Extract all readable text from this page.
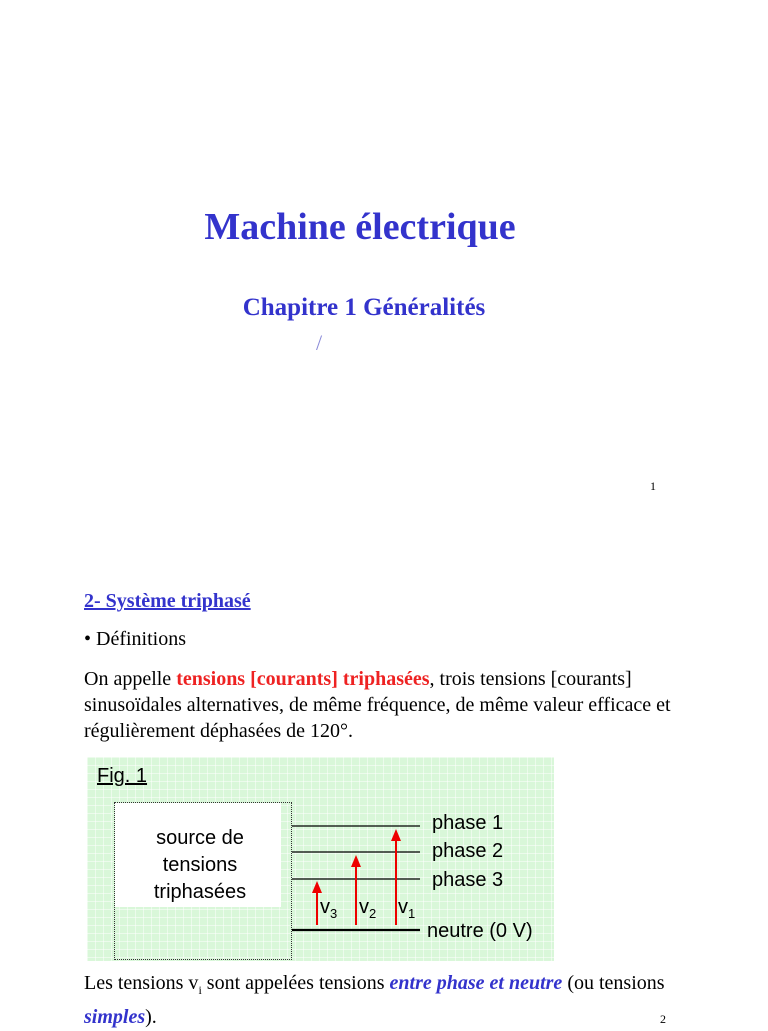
Machine électrique
Chapitre 1 Généralités
/
1
2- Système triphasé
• Définitions
On appelle tensions [courants] triphasées, trois tensions [courants] sinusoïdales alternatives, de même fréquence, de même valeur efficace et régulièrement déphasées de 120°.
Fig. 1
source de
tensions
triphasées
phase 1
phase 2
phase 3
neutre (0 V)
$v_3$ $v_2$ $v_1$
Les tensions $v_i$ sont appelées tensions entre phase et neutre (ou tensions simples).	2
